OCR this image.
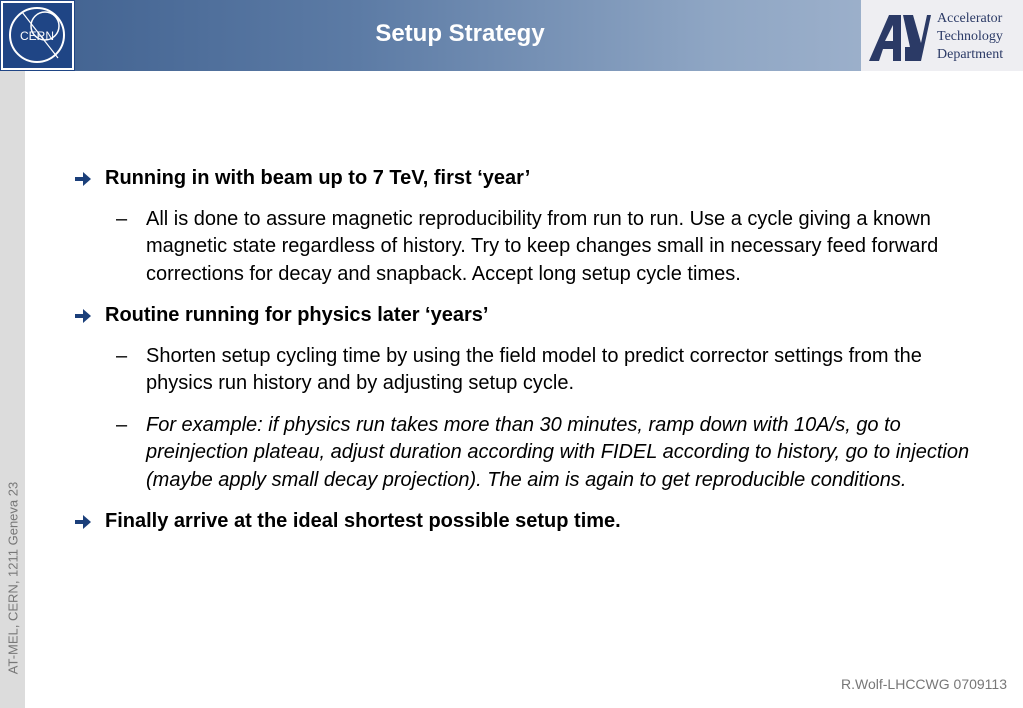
CERN	Setup Strategy
Accelerator
Technology
Department
AT-MEL, CERN, 1211 Geneva 23
Running in with beam up to 7 TeV, first ‘year’
– All is done to assure magnetic reproducibility from run to run. Use a cycle giving a known magnetic state regardless of history. Try to keep changes small in necessary feed forward corrections for decay and snapback. Accept long setup cycle times.
Routine running for physics later ‘years’
– Shorten setup cycling time by using the field model to predict corrector settings from the physics run history and by adjusting setup cycle.
– For example: if physics run takes more than 30 minutes, ramp down with 10A/s, go to preinjection plateau, adjust duration according with FIDEL according to history, go to injection (maybe apply small decay projection). The aim is again to get reproducible conditions.
Finally arrive at the ideal shortest possible setup time.
R.Wolf-LHCCWG 0709113
